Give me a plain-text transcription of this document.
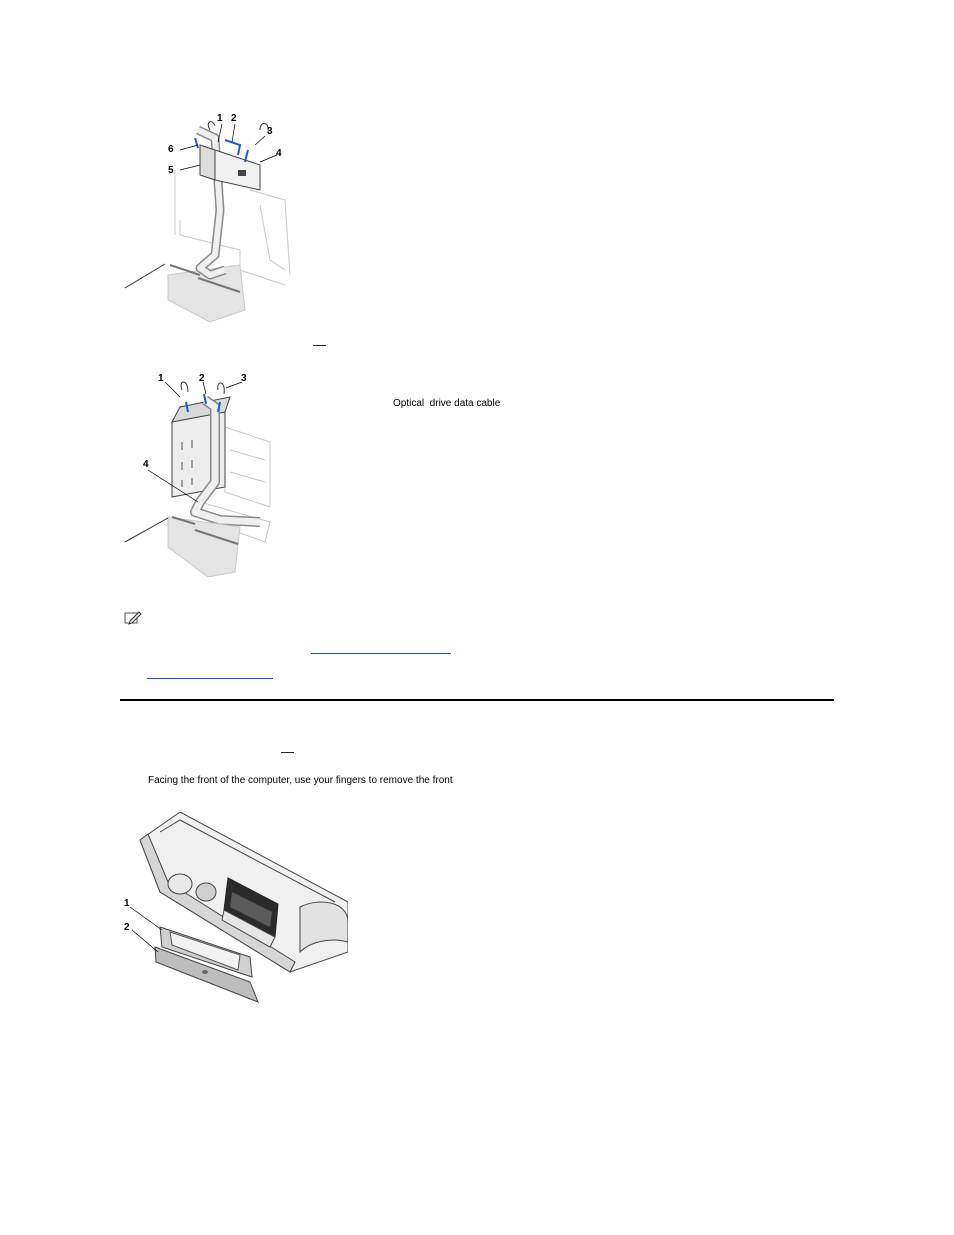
1 2
3
4
5
6
—
1	2	3
4
Optical  drive data cable
—
Facing the front of the computer, use your fingers to remove the front
1
2
